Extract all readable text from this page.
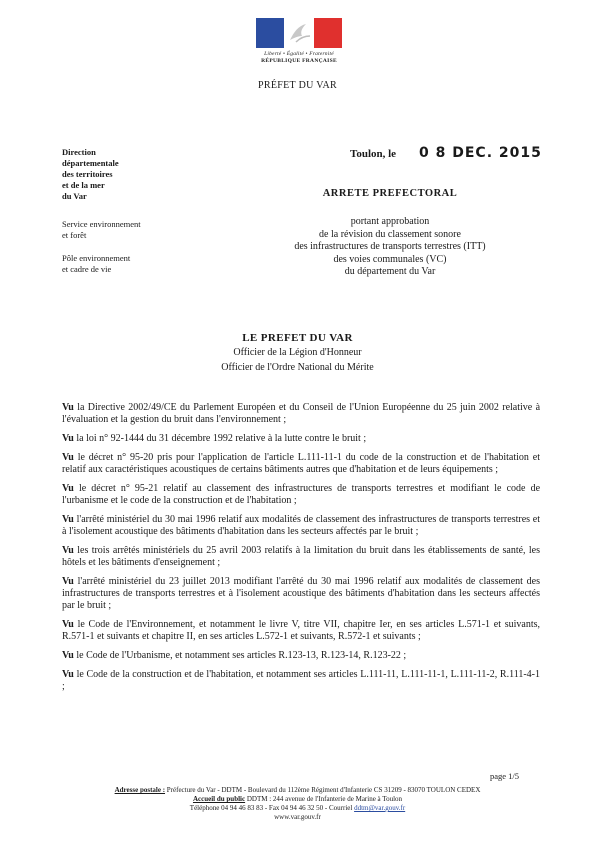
Liberté • Égalité • Fraternité
RÉPUBLIQUE FRANÇAISE
PRÉFET DU VAR
Direction
départementale
des territoires
et de la mer
du Var
Service environnement
et forêt
Pôle environnement
et cadre de vie
Toulon, le 0 8 DEC. 2015
ARRETE PREFECTORAL
portant approbation
de la révision du classement sonore
des infrastructures de transports terrestres (ITT)
des voies communales (VC)
du département du Var
LE PREFET DU VAR
Officier de la Légion d'Honneur
Officier de l'Ordre National du Mérite

Vu la Directive 2002/49/CE du Parlement Européen et du Conseil de l'Union Européenne du 25 juin 2002 relative à l'évaluation et la gestion du bruit dans l'environnement ;

Vu la loi n° 92-1444 du 31 décembre 1992 relative à la lutte contre le bruit ;

Vu le décret n° 95-20 pris pour l'application de l'article L.111-11-1 du code de la construction et de l'habitation et relatif aux caractéristiques acoustiques de certains bâtiments autres que d'habitation et de leurs équipements ;

Vu le décret n° 95-21 relatif au classement des infrastructures de transports terrestres et modifiant le code de l'urbanisme et le code de la construction et de l'habitation ;

Vu l'arrêté ministériel du 30 mai 1996 relatif aux modalités de classement des infrastructures de transports terrestres et à l'isolement acoustique des bâtiments d'habitation dans les secteurs affectés par le bruit ;

Vu les trois arrêtés ministériels du 25 avril 2003 relatifs à la limitation du bruit dans les établissements de santé, les hôtels et les bâtiments d'enseignement ;

Vu l'arrêté ministériel du 23 juillet 2013 modifiant l'arrêté du 30 mai 1996 relatif aux modalités de classement des infrastructures de transports terrestres et à l'isolement acoustique des bâtiments d'habitation dans les secteurs affectés par le bruit ;

Vu le Code de l'Environnement, et notamment le livre V, titre VII, chapitre Ier, en ses articles L.571-1 et suivants, R.571-1 et suivants et chapitre II, en ses articles L.572-1 et suivants, R.572-1 et suivants ;

Vu le Code de l'Urbanisme, et notamment ses articles R.123-13, R.123-14, R.123-22 ;

Vu le Code de la construction et de l'habitation, et notamment ses articles L.111-11, L.111-11-1, L.111-11-2, R.111-4-1 ;

page 1/5
Adresse postale : Préfecture du Var - DDTM - Boulevard du 112ème Régiment d'Infanterie CS 31209 - 83070 TOULON CEDEX
Accueil du public DDTM : 244 avenue de l'Infanterie de Marine à Toulon
Téléphone 04 94 46 83 83 - Fax 04 94 46 32 50 - Courriel ddtm@var.gouv.fr
www.var.gouv.fr
